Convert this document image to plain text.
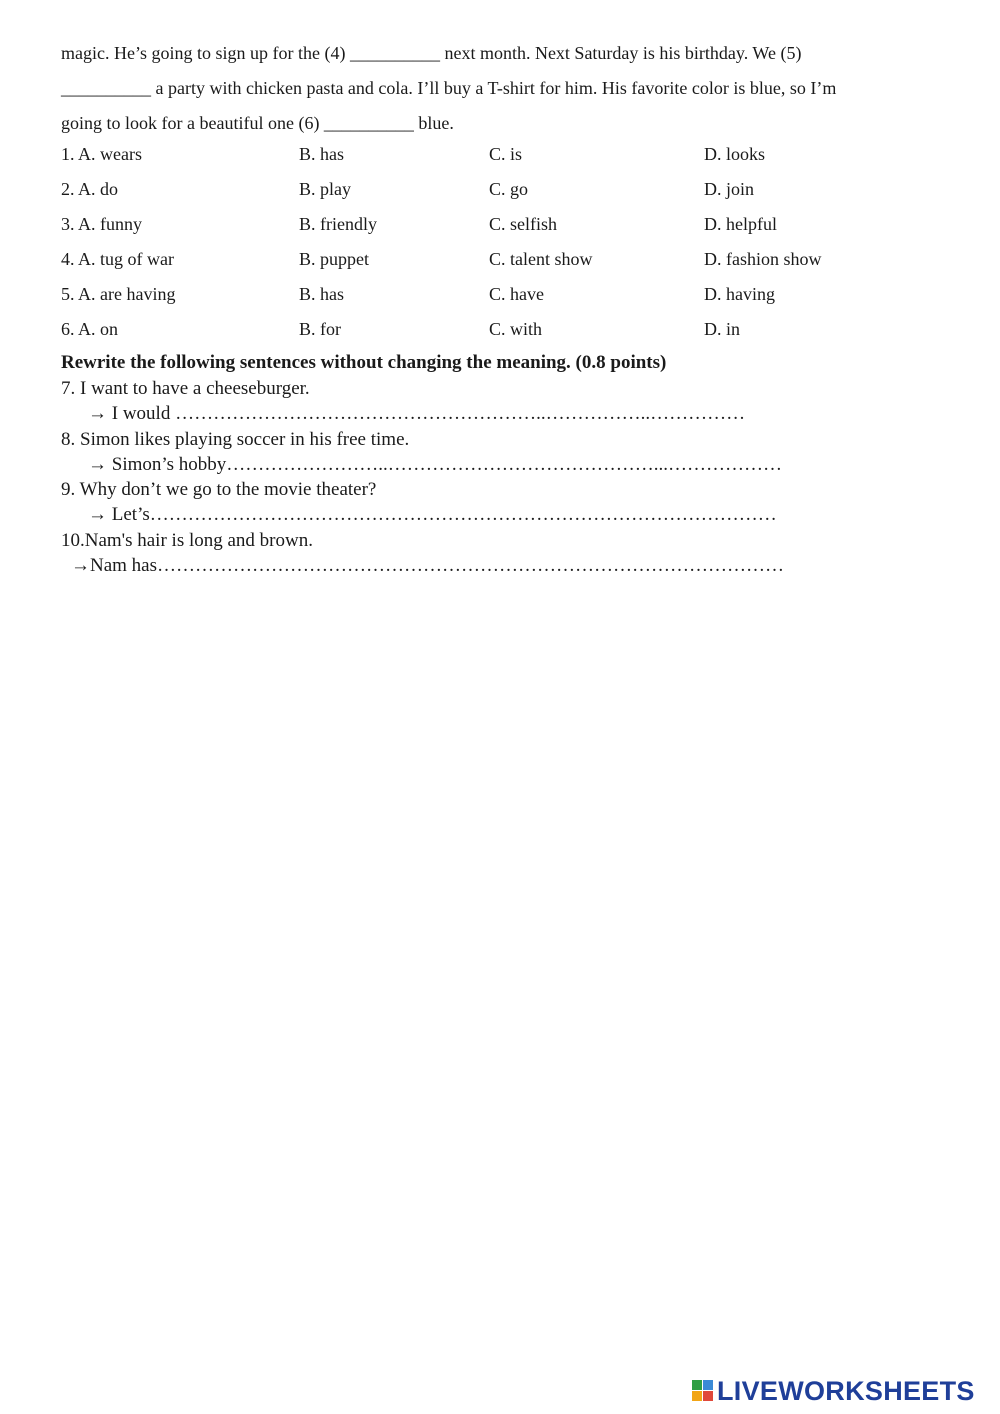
magic. He’s going to sign up for the (4) __________ next month. Next Saturday is his birthday. We (5)
__________ a party with chicken pasta and cola. I’ll buy a T-shirt for him. His favorite color is blue, so I’m
going to look for a beautiful one (6) __________ blue.
1. A. wears	B. has	C. is	D. looks
2. A. do	B. play	C. go	D. join
3. A. funny	B. friendly	C. selfish	D. helpful
4. A. tug of war	B. puppet	C. talent show	D. fashion show
5. A. are having	B. has	C. have	D. having
6. A. on	B. for	C. with	D. in
Rewrite the following sentences without changing the meaning. (0.8 points)
7. I want to have a cheeseburger.
→ I would …………………………………………………..……………..……………
8. Simon likes playing soccer in his free time.
→ Simon’s hobby……………………..……………………………………...………………
9. Why don’t we go to the movie theater?
→ Let’s………………………………………………………………………………………
10.Nam's hair is long and brown.
→Nam has………………………………………………………………………………………
LIVEWORKSHEETS
